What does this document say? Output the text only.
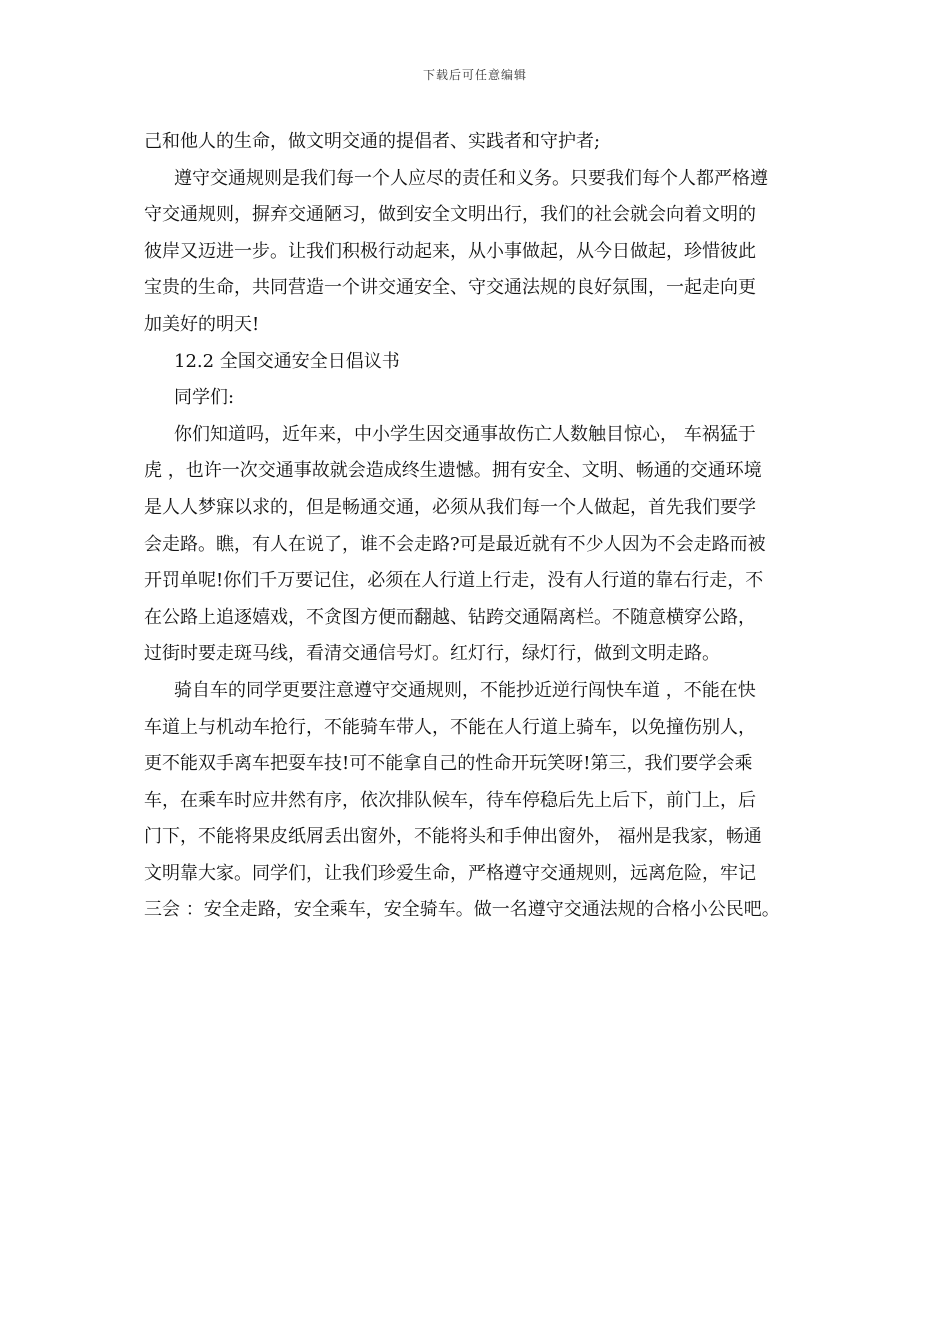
下载后可任意编辑
己和他人的生命，做文明交通的提倡者、实践者和守护者;
遵守交通规则是我们每一个人应尽的责任和义务。只要我们每个人都严格遵
守交通规则，摒弃交通陋习，做到安全文明出行，我们的社会就会向着文明的
彼岸又迈进一步。让我们积极行动起来，从小事做起，从今日做起，珍惜彼此
宝贵的生命，共同营造一个讲交通安全、守交通法规的良好氛围，一起走向更
加美好的明天!
12.2 全国交通安全日倡议书
同学们:
你们知道吗，近年来，中小学生因交通事故伤亡人数触目惊心， 车祸猛于
虎 ，也许一次交通事故就会造成终生遗憾。拥有安全、文明、畅通的交通环境
是人人梦寐以求的，但是畅通交通，必须从我们每一个人做起，首先我们要学
会走路。瞧，有人在说了，谁不会走路?可是最近就有不少人因为不会走路而被
开罚单呢!你们千万要记住，必须在人行道上行走，没有人行道的靠右行走，不
在公路上追逐嬉戏，不贪图方便而翻越、钻跨交通隔离栏。不随意横穿公路，
过街时要走斑马线，看清交通信号灯。红灯行，绿灯行，做到文明走路。
骑自车的同学更要注意遵守交通规则，不能抄近逆行闯快车道 ，不能在快
车道上与机动车抢行，不能骑车带人，不能在人行道上骑车，以免撞伤别人，
更不能双手离车把耍车技!可不能拿自己的性命开玩笑呀!第三，我们要学会乘
车，在乘车时应井然有序，依次排队候车，待车停稳后先上后下，前门上，后
门下，不能将果皮纸屑丢出窗外，不能将头和手伸出窗外， 福州是我家，畅通
文明靠大家。同学们，让我们珍爱生命，严格遵守交通规则，远离危险，牢记
三会 ：安全走路，安全乘车，安全骑车。做一名遵守交通法规的合格小公民吧。
